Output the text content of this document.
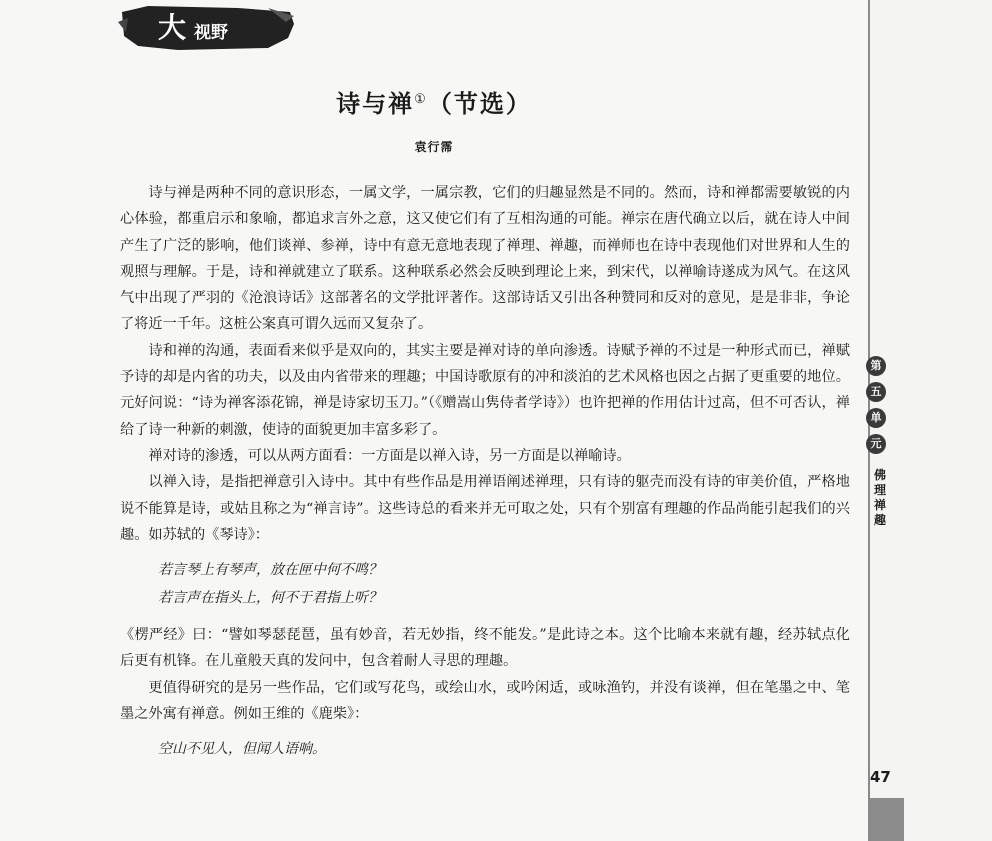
大 视野
诗与禅①（节选）
袁行霈

诗与禅是两种不同的意识形态，一属文学，一属宗教，它们的归趣显然是不同的。然而，诗和禅都需要敏锐的内心体验，都重启示和象喻，都追求言外之意，这又使它们有了互相沟通的可能。禅宗在唐代确立以后，就在诗人中间产生了广泛的影响，他们谈禅、参禅，诗中有意无意地表现了禅理、禅趣，而禅师也在诗中表现他们对世界和人生的观照与理解。于是，诗和禅就建立了联系。这种联系必然会反映到理论上来，到宋代，以禅喻诗遂成为风气。在这风气中出现了严羽的《沧浪诗话》这部著名的文学批评著作。这部诗话又引出各种赞同和反对的意见，是是非非，争论了将近一千年。这桩公案真可谓久远而又复杂了。

诗和禅的沟通，表面看来似乎是双向的，其实主要是禅对诗的单向渗透。诗赋予禅的不过是一种形式而已，禅赋予诗的却是内省的功夫，以及由内省带来的理趣；中国诗歌原有的冲和淡泊的艺术风格也因之占据了更重要的地位。元好问说：“诗为禅客添花锦，禅是诗家切玉刀。”（《赠嵩山隽侍者学诗》）也许把禅的作用估计过高，但不可否认，禅给了诗一种新的刺激，使诗的面貌更加丰富多彩了。

禅对诗的渗透，可以从两方面看：一方面是以禅入诗，另一方面是以禅喻诗。

以禅入诗，是指把禅意引入诗中。其中有些作品是用禅语阐述禅理，只有诗的躯壳而没有诗的审美价值，严格地说不能算是诗，或姑且称之为“禅言诗”。这些诗总的看来并无可取之处，只有个别富有理趣的作品尚能引起我们的兴趣。如苏轼的《琴诗》：

若言琴上有琴声，放在匣中何不鸣？

若言声在指头上，何不于君指上听？

《楞严经》曰：“譬如琴瑟琵琶，虽有妙音，若无妙指，终不能发。”是此诗之本。这个比喻本来就有趣，经苏轼点化后更有机锋。在儿童般天真的发问中，包含着耐人寻思的理趣。

更值得研究的是另一些作品，它们或写花鸟，或绘山水，或吟闲适，或咏渔钓，并没有谈禅，但在笔墨之中、笔墨之外寓有禅意。例如王维的《鹿柴》：

空山不见人，但闻人语响。

第
五
单
元
佛理禅趣
47
